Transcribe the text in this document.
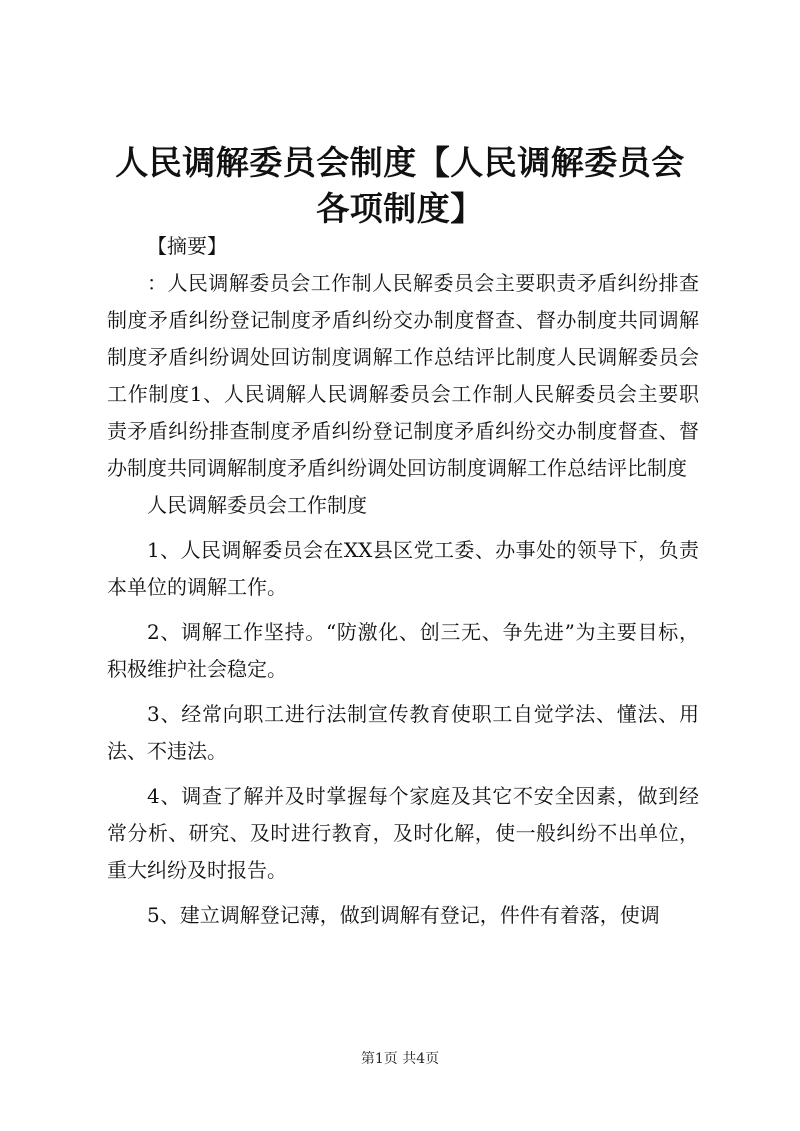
人民调解委员会制度【人民调解委员会各项制度】

【摘要】

：人民调解委员会工作制人民解委员会主要职责矛盾纠纷排查制度矛盾纠纷登记制度矛盾纠纷交办制度督查、督办制度共同调解制度矛盾纠纷调处回访制度调解工作总结评比制度人民调解委员会工作制度1、人民调解人民调解委员会工作制人民解委员会主要职责矛盾纠纷排查制度矛盾纠纷登记制度矛盾纠纷交办制度督查、督办制度共同调解制度矛盾纠纷调处回访制度调解工作总结评比制度

人民调解委员会工作制度

1、人民调解委员会在XX县区党工委、办事处的领导下，负责本单位的调解工作。

2、调解工作坚持。“防激化、创三无、争先进”为主要目标，积极维护社会稳定。

3、经常向职工进行法制宣传教育使职工自觉学法、懂法、用法、不违法。

4、调查了解并及时掌握每个家庭及其它不安全因素，做到经常分析、研究、及时进行教育，及时化解，使一般纠纷不出单位，重大纠纷及时报告。

5、建立调解登记薄，做到调解有登记，件件有着落，使调

第1页 共4页
